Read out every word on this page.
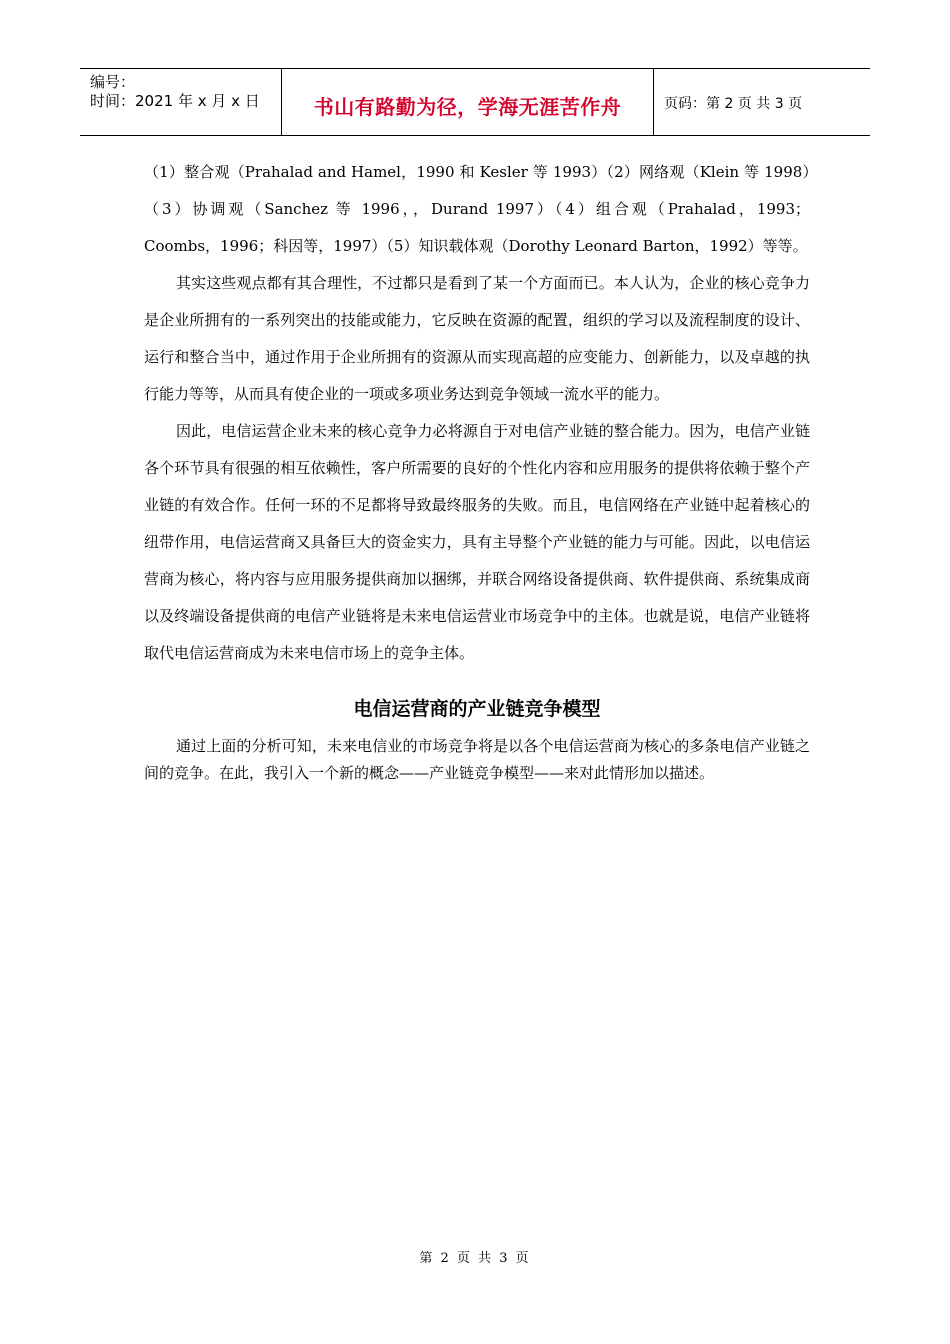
编号：
时间：2021 年 x 月 x 日	书山有路勤为径，学海无涯苦作舟	页码：第 2 页 共 3 页

（1）整合观（Prahalad and Hamel，1990 和 Kesler 等 1993）（2）网络观（Klein 等 1998）（3）协调观（Sanchez 等 1996，，Durand 1997）（4）组合观（Prahalad，1993；Coombs，1996；科因等，1997）（5）知识载体观（Dorothy Leonard Barton，1992）等等。

其实这些观点都有其合理性，不过都只是看到了某一个方面而已。本人认为，企业的核心竞争力是企业所拥有的一系列突出的技能或能力，它反映在资源的配置，组织的学习以及流程制度的设计、运行和整合当中，通过作用于企业所拥有的资源从而实现高超的应变能力、创新能力，以及卓越的执行能力等等，从而具有使企业的一项或多项业务达到竞争领域一流水平的能力。

因此，电信运营企业未来的核心竞争力必将源自于对电信产业链的整合能力。因为，电信产业链各个环节具有很强的相互依赖性，客户所需要的良好的个性化内容和应用服务的提供将依赖于整个产业链的有效合作。任何一环的不足都将导致最终服务的失败。而且，电信网络在产业链中起着核心的纽带作用，电信运营商又具备巨大的资金实力，具有主导整个产业链的能力与可能。因此，以电信运营商为核心，将内容与应用服务提供商加以捆绑，并联合网络设备提供商、软件提供商、系统集成商以及终端设备提供商的电信产业链将是未来电信运营业市场竞争中的主体。也就是说，电信产业链将取代电信运营商成为未来电信市场上的竞争主体。

电信运营商的产业链竞争模型

通过上面的分析可知，未来电信业的市场竞争将是以各个电信运营商为核心的多条电信产业链之间的竞争。在此，我引入一个新的概念——产业链竞争模型——来对此情形加以描述。

第 2 页 共 3 页
